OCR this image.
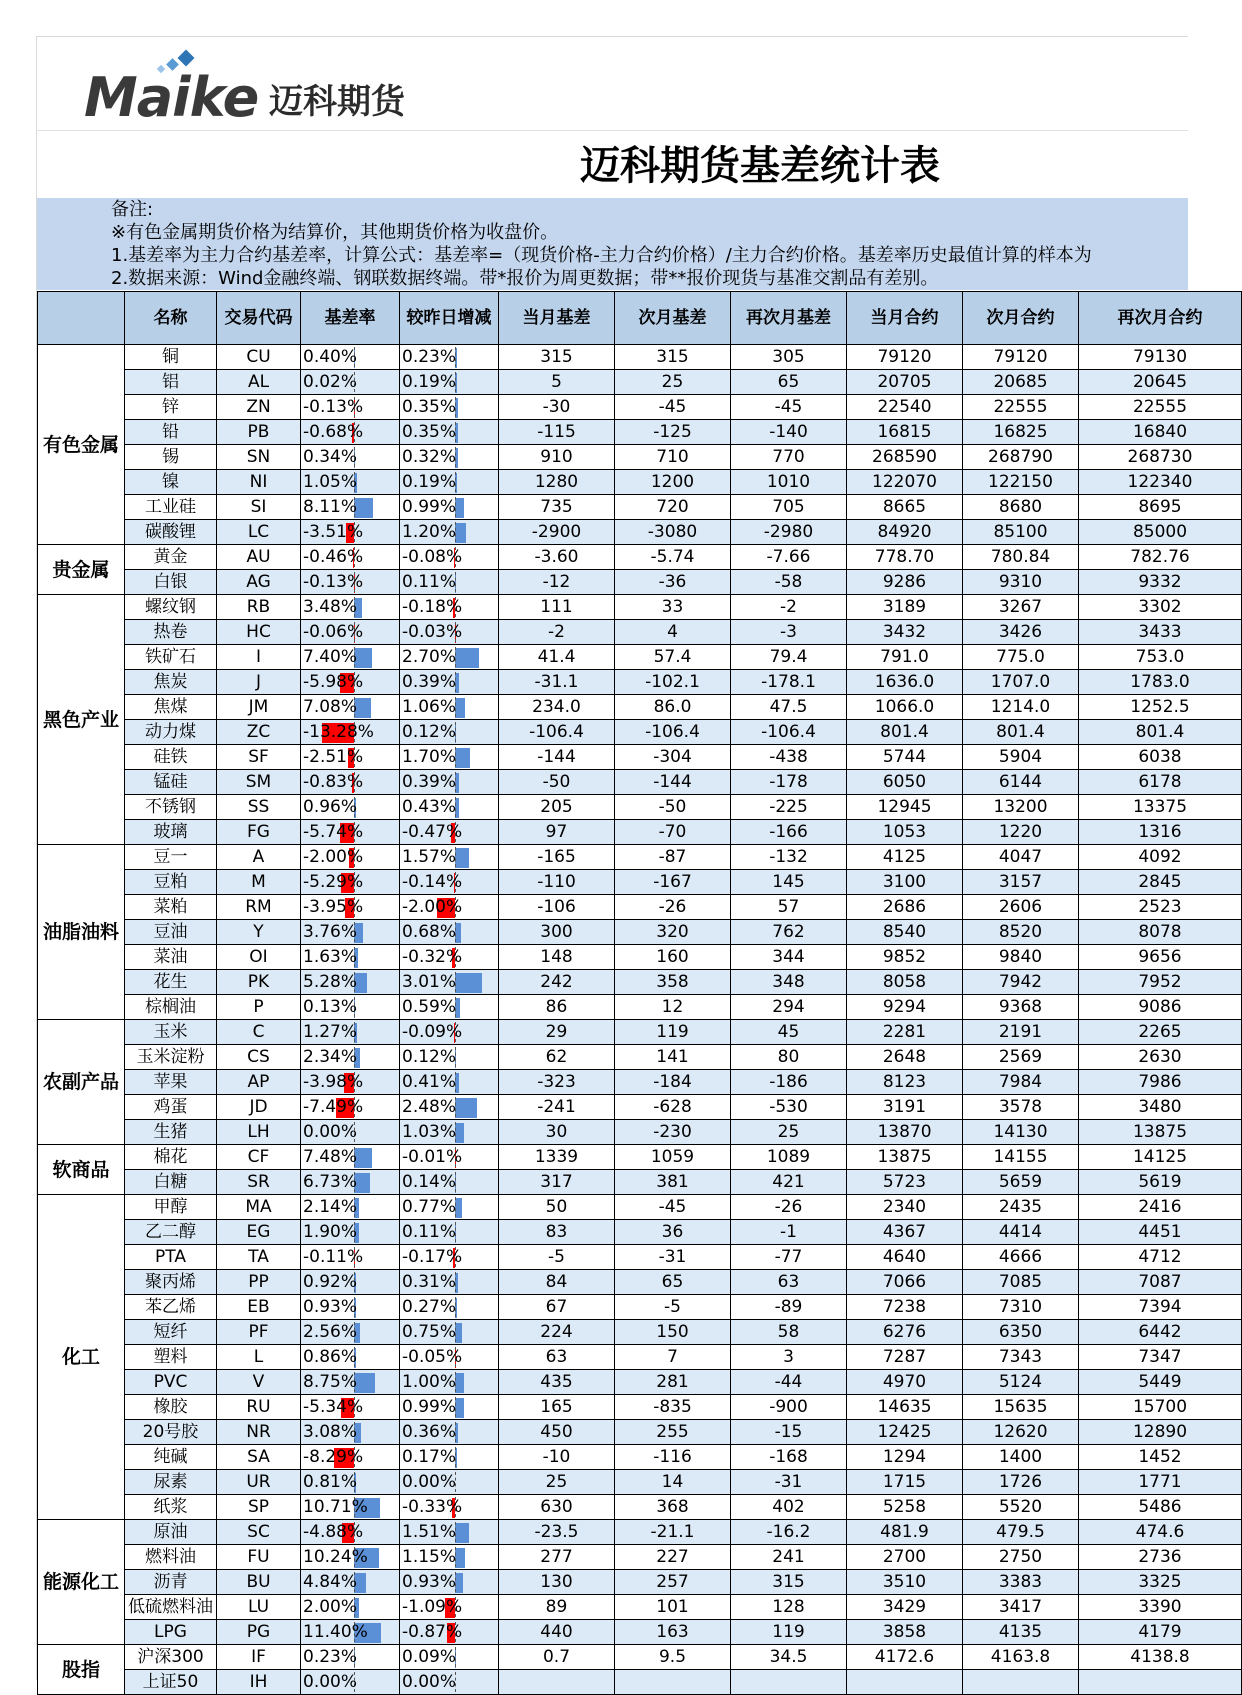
Maike 迈科期货
迈科期货基差统计表
备注:
※有色金属期货价格为结算价，其他期货价格为收盘价。
1.基差率为主力合约基差率，计算公式：基差率=（现货价格-主力合约价格）/主力合约价格。基差率历史最值计算的样本为
2.数据来源：Wind金融终端、钢联数据终端。带*报价为周更数据；带**报价现货与基准交割品有差别。
	名称	交易代码	基差率	较昨日增减	当月基差	次月基差	再次月基差	当月合约	次月合约	再次月合约
有色金属	铜	CU	0.40%	0.23%	315	315	305	79120	79120	79130
	铝	AL	0.02%	0.19%	5	25	65	20705	20685	20645
	锌	ZN	-0.13%	0.35%	-30	-45	-45	22540	22555	22555
	铅	PB	-0.68%	0.35%	-115	-125	-140	16815	16825	16840
	锡	SN	0.34%	0.32%	910	710	770	268590	268790	268730
	镍	NI	1.05%	0.19%	1280	1200	1010	122070	122150	122340
	工业硅	SI	8.11%	0.99%	735	720	705	8665	8680	8695
	碳酸锂	LC	-3.51%	1.20%	-2900	-3080	-2980	84920	85100	85000
贵金属	黄金	AU	-0.46%	-0.08%	-3.60	-5.74	-7.66	778.70	780.84	782.76
	白银	AG	-0.13%	0.11%	-12	-36	-58	9286	9310	9332
黑色产业	螺纹钢	RB	3.48%	-0.18%	111	33	-2	3189	3267	3302
	热卷	HC	-0.06%	-0.03%	-2	4	-3	3432	3426	3433
	铁矿石	I	7.40%	2.70%	41.4	57.4	79.4	791.0	775.0	753.0
	焦炭	J	-5.98%	0.39%	-31.1	-102.1	-178.1	1636.0	1707.0	1783.0
	焦煤	JM	7.08%	1.06%	234.0	86.0	47.5	1066.0	1214.0	1252.5
	动力煤	ZC	-13.28%	0.12%	-106.4	-106.4	-106.4	801.4	801.4	801.4
	硅铁	SF	-2.51%	1.70%	-144	-304	-438	5744	5904	6038
	锰硅	SM	-0.83%	0.39%	-50	-144	-178	6050	6144	6178
	不锈钢	SS	0.96%	0.43%	205	-50	-225	12945	13200	13375
	玻璃	FG	-5.74%	-0.47%	97	-70	-166	1053	1220	1316
油脂油料	豆一	A	-2.00%	1.57%	-165	-87	-132	4125	4047	4092
	豆粕	M	-5.29%	-0.14%	-110	-167	145	3100	3157	2845
	菜粕	RM	-3.95%	-2.00%	-106	-26	57	2686	2606	2523
	豆油	Y	3.76%	0.68%	300	320	762	8540	8520	8078
	菜油	OI	1.63%	-0.32%	148	160	344	9852	9840	9656
	花生	PK	5.28%	3.01%	242	358	348	8058	7942	7952
	棕榈油	P	0.13%	0.59%	86	12	294	9294	9368	9086
农副产品	玉米	C	1.27%	-0.09%	29	119	45	2281	2191	2265
	玉米淀粉	CS	2.34%	0.12%	62	141	80	2648	2569	2630
	苹果	AP	-3.98%	0.41%	-323	-184	-186	8123	7984	7986
	鸡蛋	JD	-7.49%	2.48%	-241	-628	-530	3191	3578	3480
	生猪	LH	0.00%	1.03%	30	-230	25	13870	14130	13875
软商品	棉花	CF	7.48%	-0.01%	1339	1059	1089	13875	14155	14125
	白糖	SR	6.73%	0.14%	317	381	421	5723	5659	5619
化工	甲醇	MA	2.14%	0.77%	50	-45	-26	2340	2435	2416
	乙二醇	EG	1.90%	0.11%	83	36	-1	4367	4414	4451
	PTA	TA	-0.11%	-0.17%	-5	-31	-77	4640	4666	4712
	聚丙烯	PP	0.92%	0.31%	84	65	63	7066	7085	7087
	苯乙烯	EB	0.93%	0.27%	67	-5	-89	7238	7310	7394
	短纤	PF	2.56%	0.75%	224	150	58	6276	6350	6442
	塑料	L	0.86%	-0.05%	63	7	3	7287	7343	7347
	PVC	V	8.75%	1.00%	435	281	-44	4970	5124	5449
	橡胶	RU	-5.34%	0.99%	165	-835	-900	14635	15635	15700
	20号胶	NR	3.08%	0.36%	450	255	-15	12425	12620	12890
	纯碱	SA	-8.29%	0.17%	-10	-116	-168	1294	1400	1452
	尿素	UR	0.81%	0.00%	25	14	-31	1715	1726	1771
	纸浆	SP	10.71%	-0.33%	630	368	402	5258	5520	5486
能源化工	原油	SC	-4.88%	1.51%	-23.5	-21.1	-16.2	481.9	479.5	474.6
	燃料油	FU	10.24%	1.15%	277	227	241	2700	2750	2736
	沥青	BU	4.84%	0.93%	130	257	315	3510	3383	3325
	低硫燃料油	LU	2.00%	-1.09%	89	101	128	3429	3417	3390
	LPG	PG	11.40%	-0.87%	440	163	119	3858	4135	4179
股指	沪深300	IF	0.23%	0.09%	0.7	9.5	34.5	4172.6	4163.8	4138.8
	上证50	IH	0.00%	0.00%						
